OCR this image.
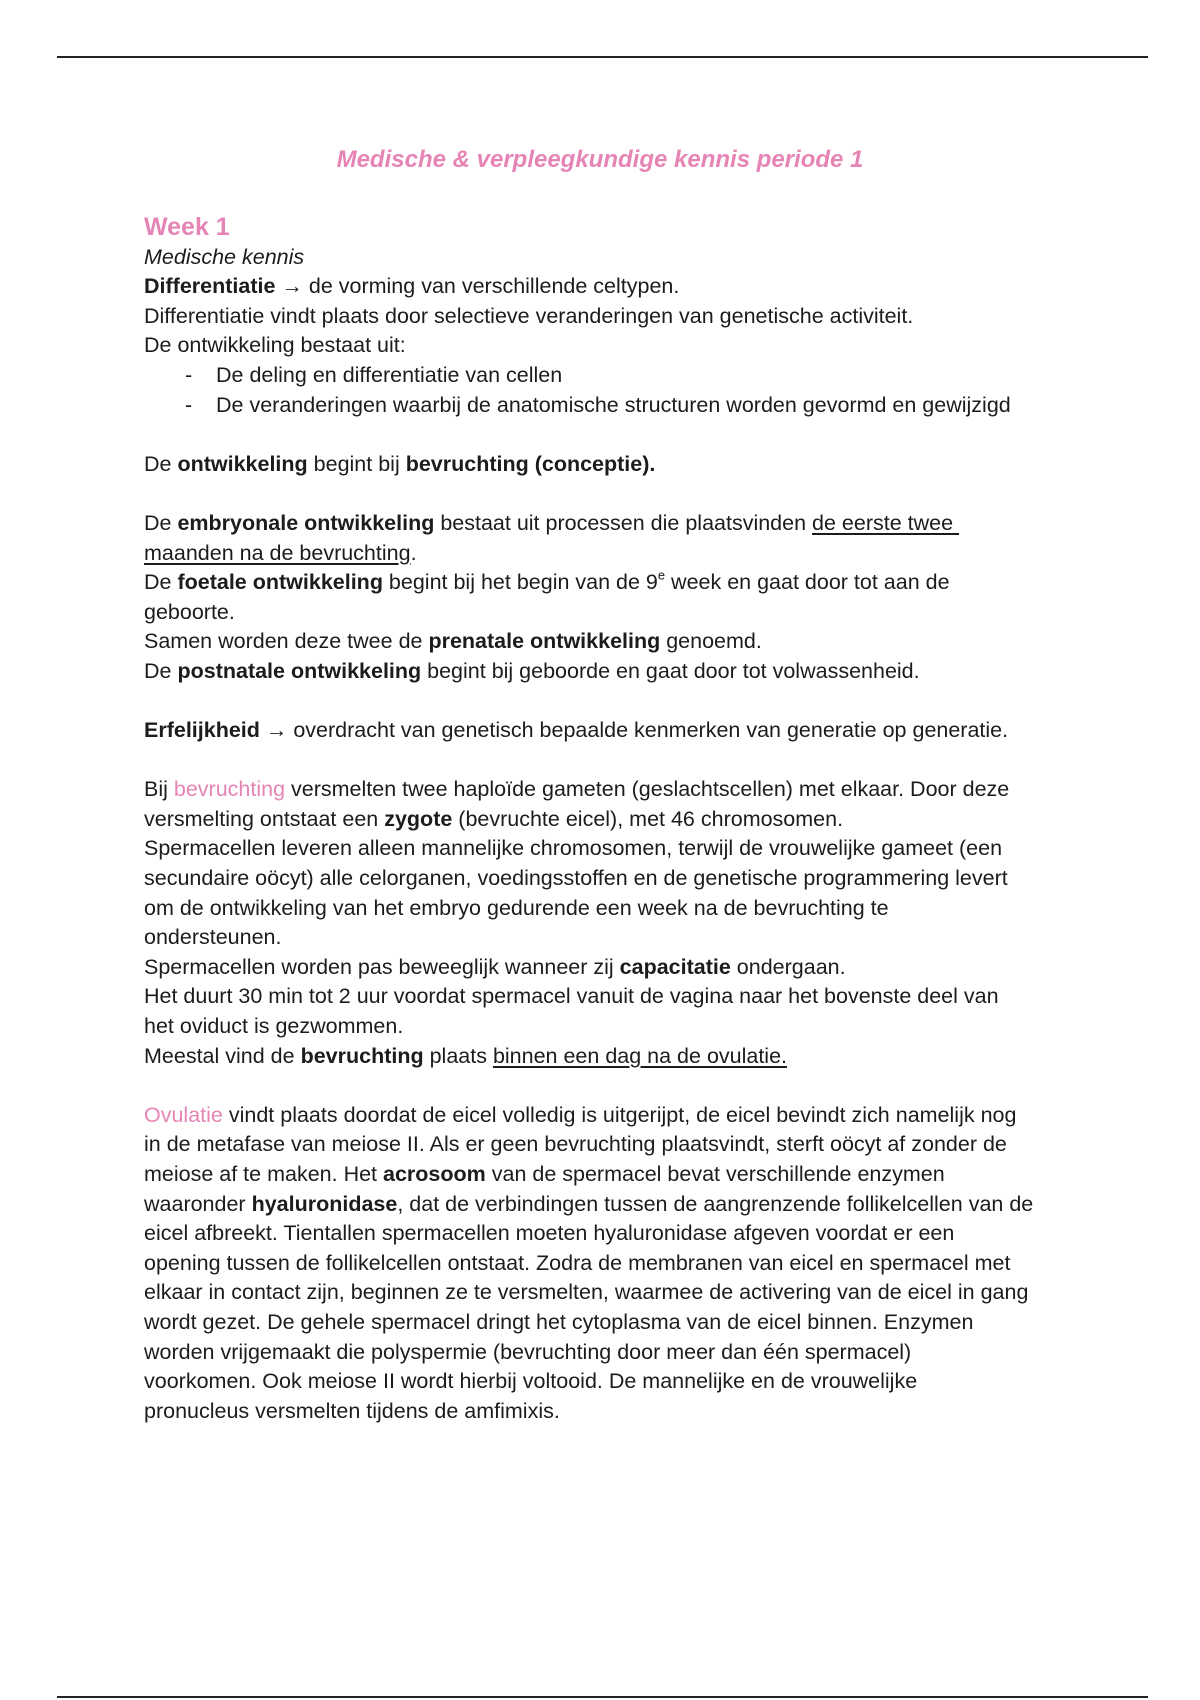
Medische & verpleegkundige kennis periode 1
Week 1
Medische kennis
Differentiatie → de vorming van verschillende celtypen.
Differentiatie vindt plaats door selectieve veranderingen van genetische activiteit.
De ontwikkeling bestaat uit:
- De deling en differentiatie van cellen
- De veranderingen waarbij de anatomische structuren worden gevormd en gewijzigd
De ontwikkeling begint bij bevruchting (conceptie).
De embryonale ontwikkeling bestaat uit processen die plaatsvinden de eerste twee
maanden na de bevruchting.
De foetale ontwikkeling begint bij het begin van de 9e week en gaat door tot aan de
geboorte.
Samen worden deze twee de prenatale ontwikkeling genoemd.
De postnatale ontwikkeling begint bij geboorde en gaat door tot volwassenheid.
Erfelijkheid → overdracht van genetisch bepaalde kenmerken van generatie op generatie.
Bij bevruchting versmelten twee haploïde gameten (geslachtscellen) met elkaar. Door deze
versmelting ontstaat een zygote (bevruchte eicel), met 46 chromosomen.
Spermacellen leveren alleen mannelijke chromosomen, terwijl de vrouwelijke gameet (een
secundaire oöcyt) alle celorganen, voedingsstoffen en de genetische programmering levert
om de ontwikkeling van het embryo gedurende een week na de bevruchting te
ondersteunen.
Spermacellen worden pas beweeglijk wanneer zij capacitatie ondergaan.
Het duurt 30 min tot 2 uur voordat spermacel vanuit de vagina naar het bovenste deel van
het oviduct is gezwommen.
Meestal vind de bevruchting plaats binnen een dag na de ovulatie.
Ovulatie vindt plaats doordat de eicel volledig is uitgerijpt, de eicel bevindt zich namelijk nog
in de metafase van meiose II. Als er geen bevruchting plaatsvindt, sterft oöcyt af zonder de
meiose af te maken. Het acrosoom van de spermacel bevat verschillende enzymen
waaronder hyaluronidase, dat de verbindingen tussen de aangrenzende follikelcellen van de
eicel afbreekt. Tientallen spermacellen moeten hyaluronidase afgeven voordat er een
opening tussen de follikelcellen ontstaat. Zodra de membranen van eicel en spermacel met
elkaar in contact zijn, beginnen ze te versmelten, waarmee de activering van de eicel in gang
wordt gezet. De gehele spermacel dringt het cytoplasma van de eicel binnen. Enzymen
worden vrijgemaakt die polyspermie (bevruchting door meer dan één spermacel)
voorkomen. Ook meiose II wordt hierbij voltooid. De mannelijke en de vrouwelijke
pronucleus versmelten tijdens de amfimixis.
